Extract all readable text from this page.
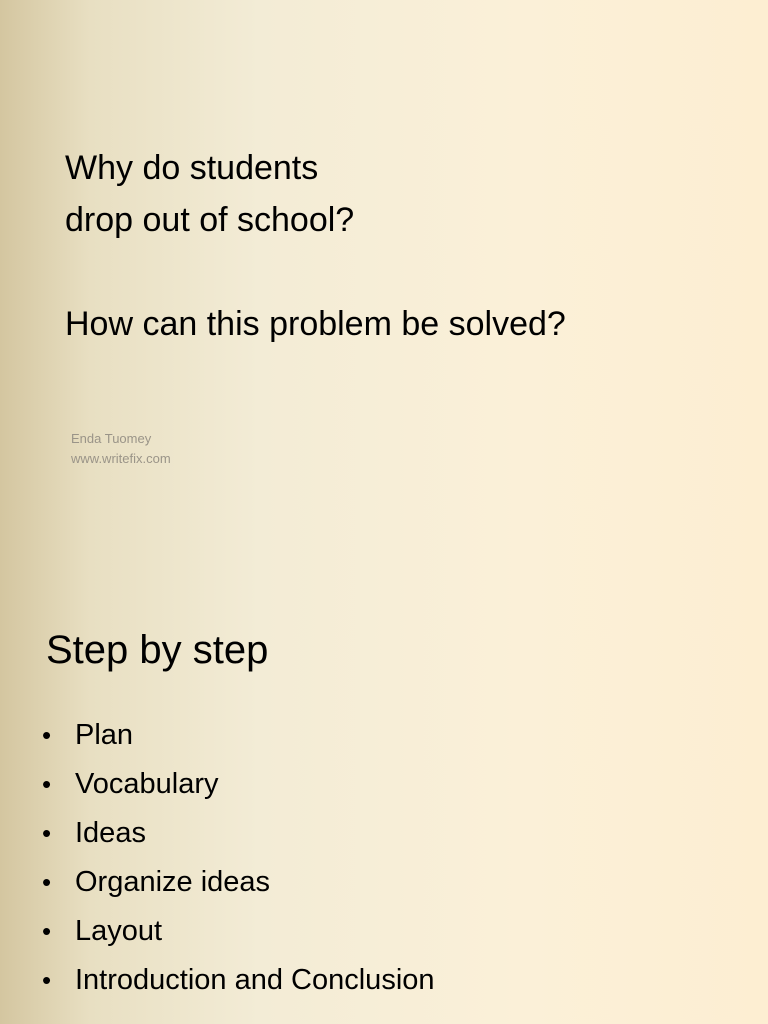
Why do students
drop out of school?
How can this problem be solved?
Enda Tuomey
www.writefix.com
Step by step
• Plan
• Vocabulary
• Ideas
• Organize ideas
• Layout
• Introduction and Conclusion
